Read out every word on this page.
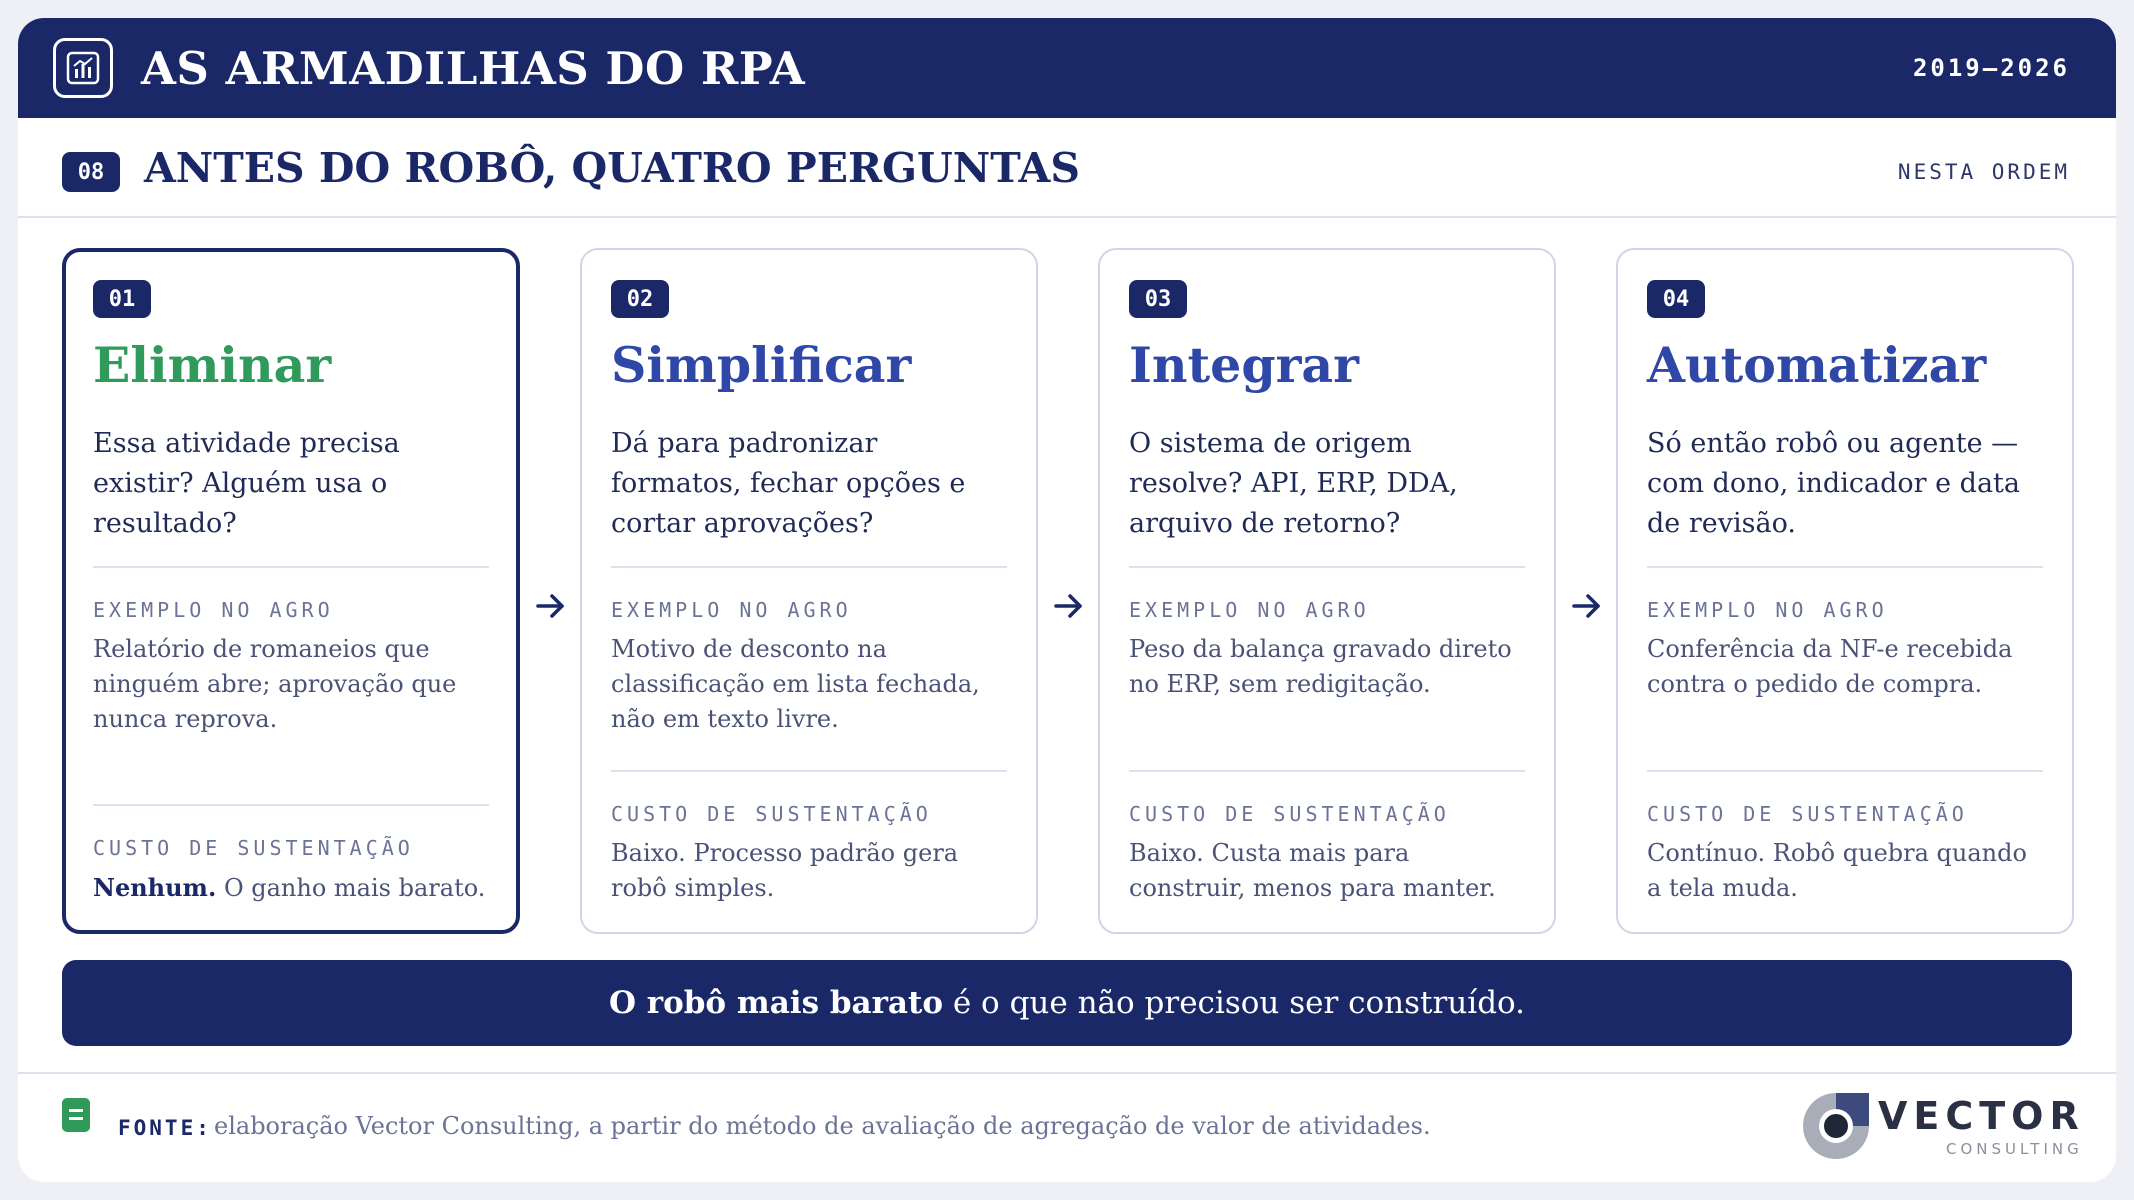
AS ARMADILHAS DO RPA	2019–2026
08 ANTES DO ROBÔ, QUATRO PERGUNTAS	NESTA ORDEM
01
Eliminar
Essa atividade precisa existir? Alguém usa o resultado?
EXEMPLO NO AGRO
Relatório de romaneios que ninguém abre; aprovação que nunca reprova.
CUSTO DE SUSTENTAÇÃO
Nenhum. O ganho mais barato.
02
Simplificar
Dá para padronizar formatos, fechar opções e cortar aprovações?
EXEMPLO NO AGRO
Motivo de desconto na classificação em lista fechada, não em texto livre.
CUSTO DE SUSTENTAÇÃO
Baixo. Processo padrão gera robô simples.
03
Integrar
O sistema de origem resolve? API, ERP, DDA, arquivo de retorno?
EXEMPLO NO AGRO
Peso da balança gravado direto no ERP, sem redigitação.
CUSTO DE SUSTENTAÇÃO
Baixo. Custa mais para construir, menos para manter.
04
Automatizar
Só então robô ou agente — com dono, indicador e data de revisão.
EXEMPLO NO AGRO
Conferência da NF-e recebida contra o pedido de compra.
CUSTO DE SUSTENTAÇÃO
Contínuo. Robô quebra quando a tela muda.
O robô mais barato é o que não precisou ser construído.
FONTE: elaboração Vector Consulting, a partir do método de avaliação de agregação de valor de atividades.	VECTOR
CONSULTING
